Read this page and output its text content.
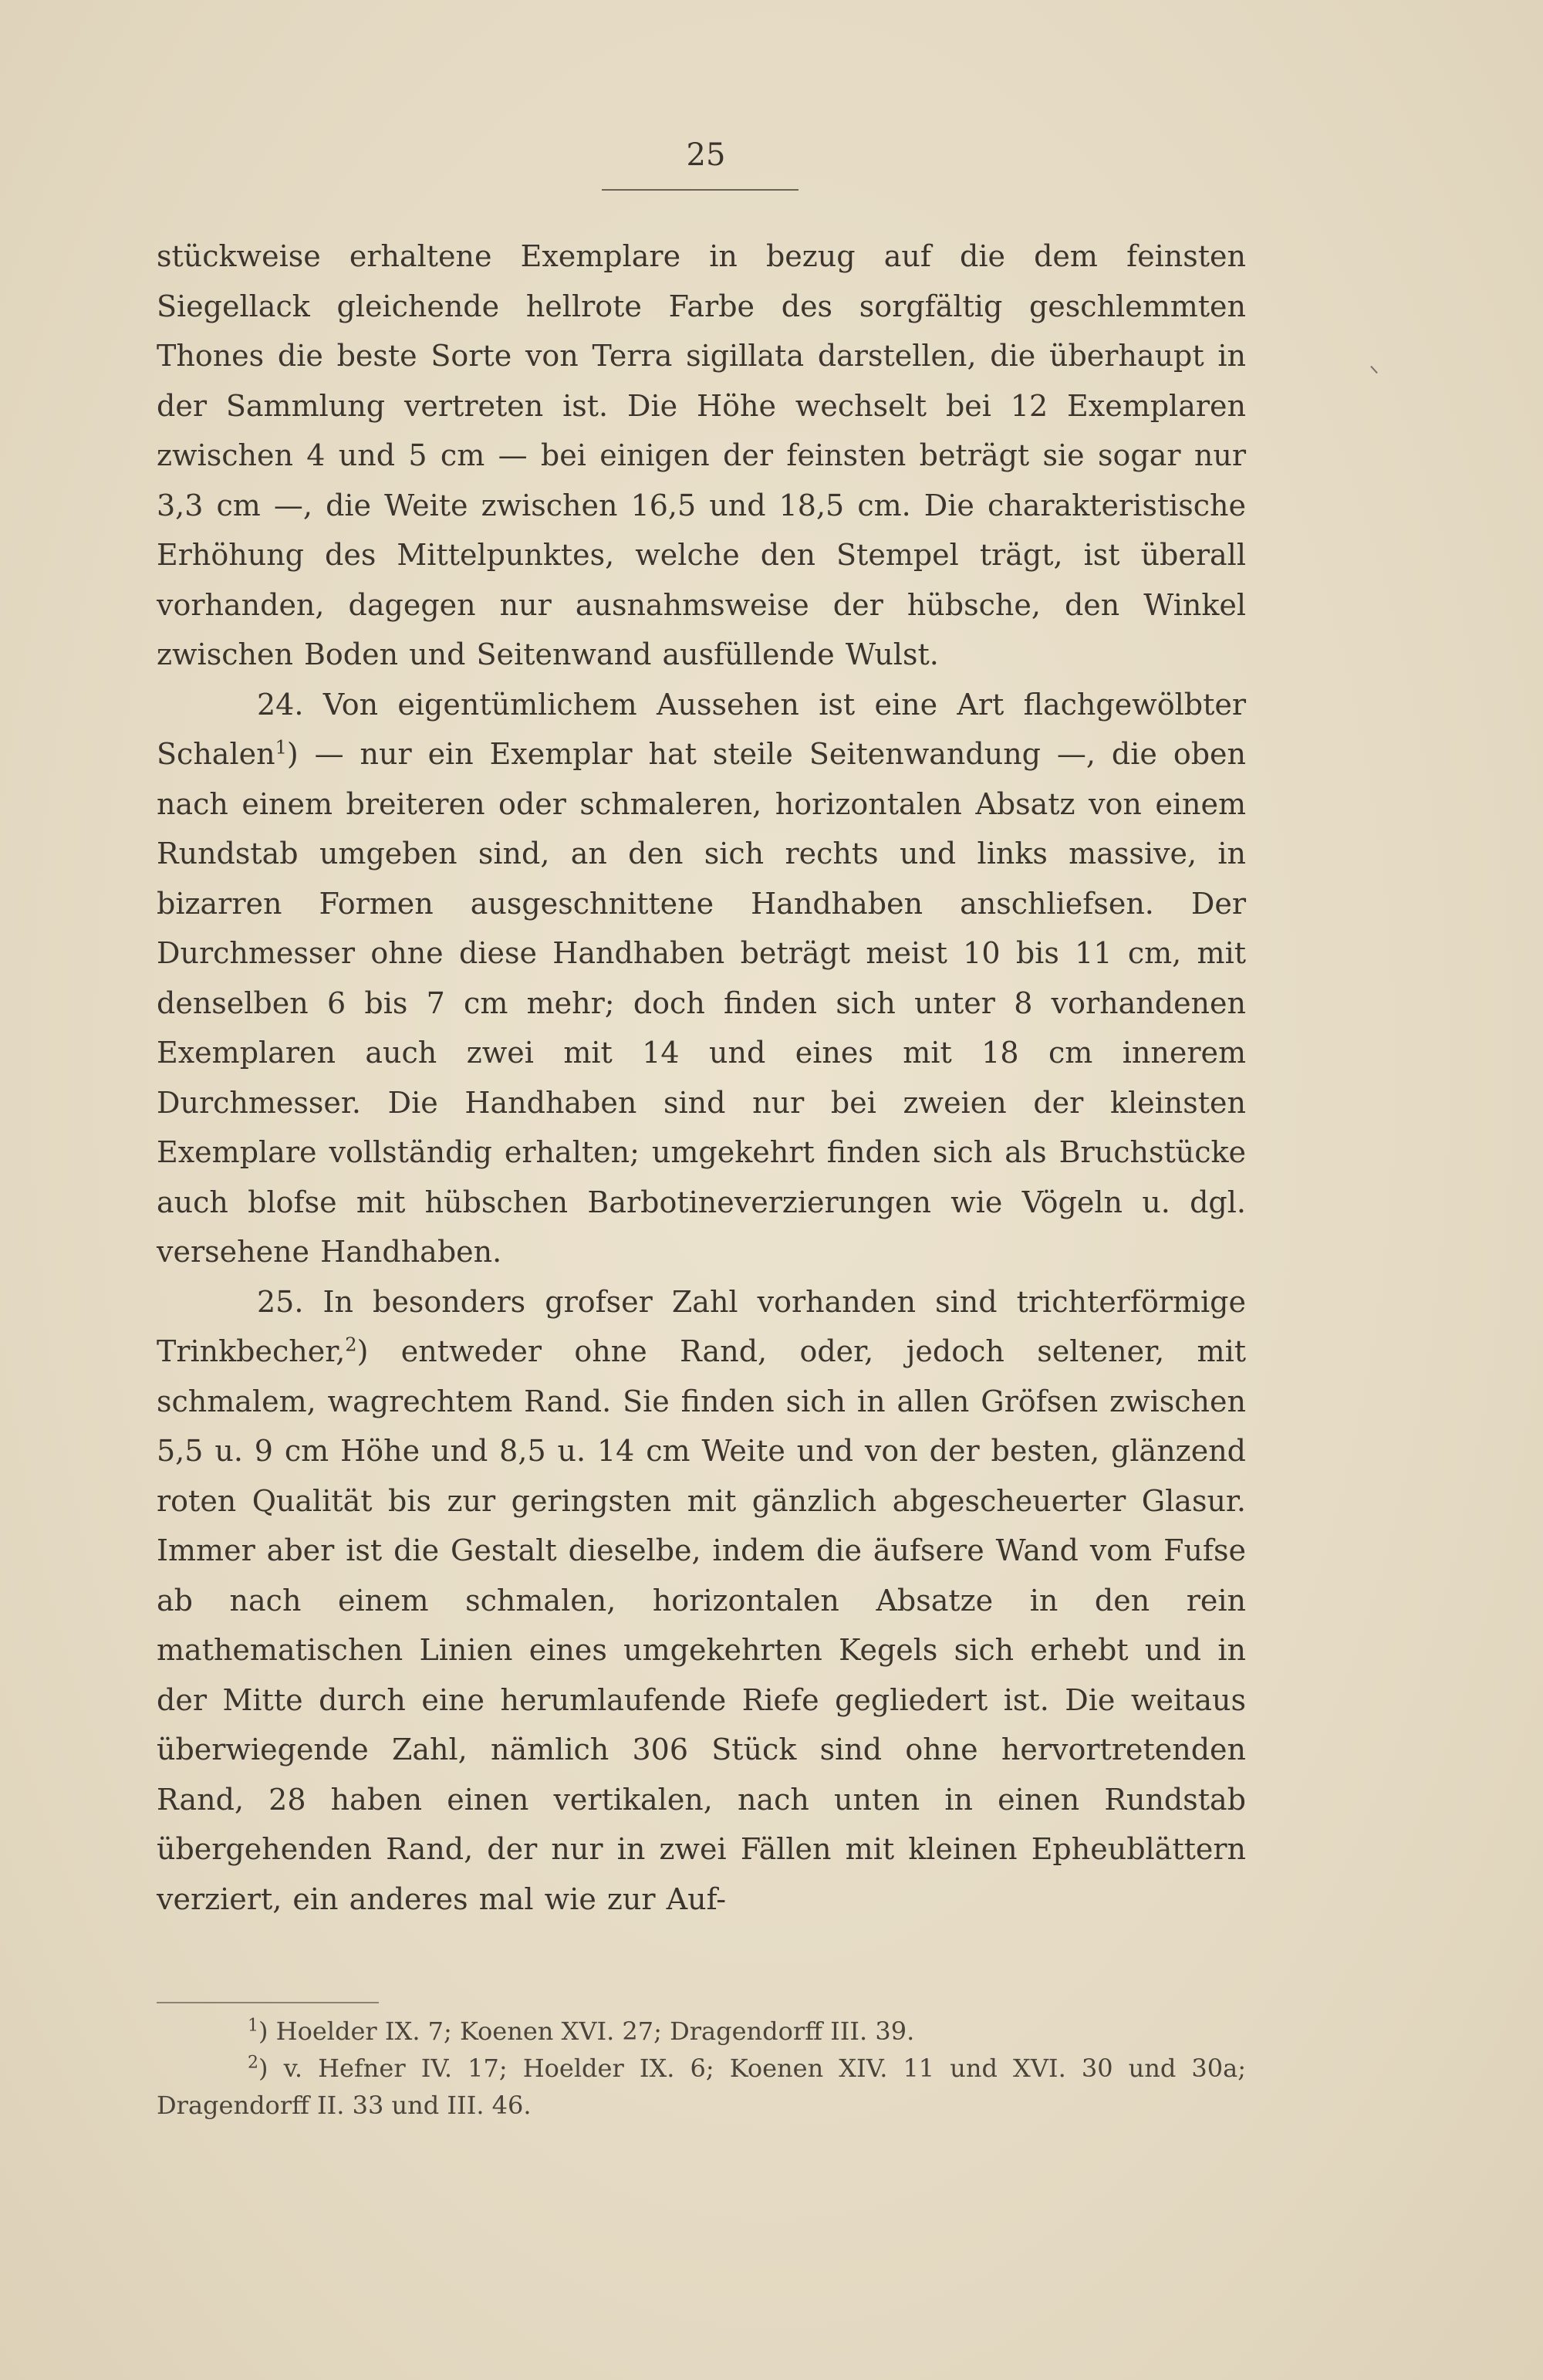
25

stückweise erhaltene Exemplare in bezug auf die dem feinsten Siegellack gleichende hellrote Farbe des sorgfältig geschlemmten Thones die beste Sorte von Terra sigillata darstellen, die überhaupt in der Sammlung vertreten ist. Die Höhe wechselt bei 12 Exemplaren zwischen 4 und 5 cm — bei einigen der feinsten beträgt sie sogar nur 3,3 cm —, die Weite zwischen 16,5 und 18,5 cm. Die charakteristische Erhöhung des Mittelpunktes, welche den Stempel trägt, ist überall vorhanden, dagegen nur ausnahmsweise der hübsche, den Winkel zwischen Boden und Seitenwand ausfüllende Wulst.

24. Von eigentümlichem Aussehen ist eine Art flachgewölbter Schalen$^1$) — nur ein Exemplar hat steile Seitenwandung —, die oben nach einem breiteren oder schmaleren, horizontalen Absatz von einem Rundstab umgeben sind, an den sich rechts und links massive, in bizarren Formen ausgeschnittene Handhaben anschliefsen. Der Durchmesser ohne diese Handhaben beträgt meist 10 bis 11 cm, mit denselben 6 bis 7 cm mehr; doch finden sich unter 8 vorhandenen Exemplaren auch zwei mit 14 und eines mit 18 cm innerem Durchmesser. Die Handhaben sind nur bei zweien der kleinsten Exemplare vollständig erhalten; umgekehrt finden sich als Bruchstücke auch blofse mit hübschen Barbotineverzierungen wie Vögeln u. dgl. versehene Handhaben.

25. In besonders grofser Zahl vorhanden sind trichterförmige Trinkbecher,$^2$) entweder ohne Rand, oder, jedoch seltener, mit schmalem, wagrechtem Rand. Sie finden sich in allen Gröfsen zwischen 5,5 u. 9 cm Höhe und 8,5 u. 14 cm Weite und von der besten, glänzend roten Qualität bis zur geringsten mit gänzlich abgescheuerter Glasur. Immer aber ist die Gestalt dieselbe, indem die äufsere Wand vom Fufse ab nach einem schmalen, horizontalen Absatze in den rein mathematischen Linien eines umgekehrten Kegels sich erhebt und in der Mitte durch eine herumlaufende Riefe gegliedert ist. Die weitaus überwiegende Zahl, nämlich 306 Stück sind ohne hervortretenden Rand, 28 haben einen vertikalen, nach unten in einen Rundstab übergehenden Rand, der nur in zwei Fällen mit kleinen Epheublättern verziert, ein anderes mal wie zur Auf-

$^1$) Hoelder IX. 7; Koenen XVI. 27; Dragendorff III. 39.

$^2$) v. Hefner IV. 17; Hoelder IX. 6; Koenen XIV. 11 und XVI. 30 und 30a; Dragendorff II. 33 und III. 46.
